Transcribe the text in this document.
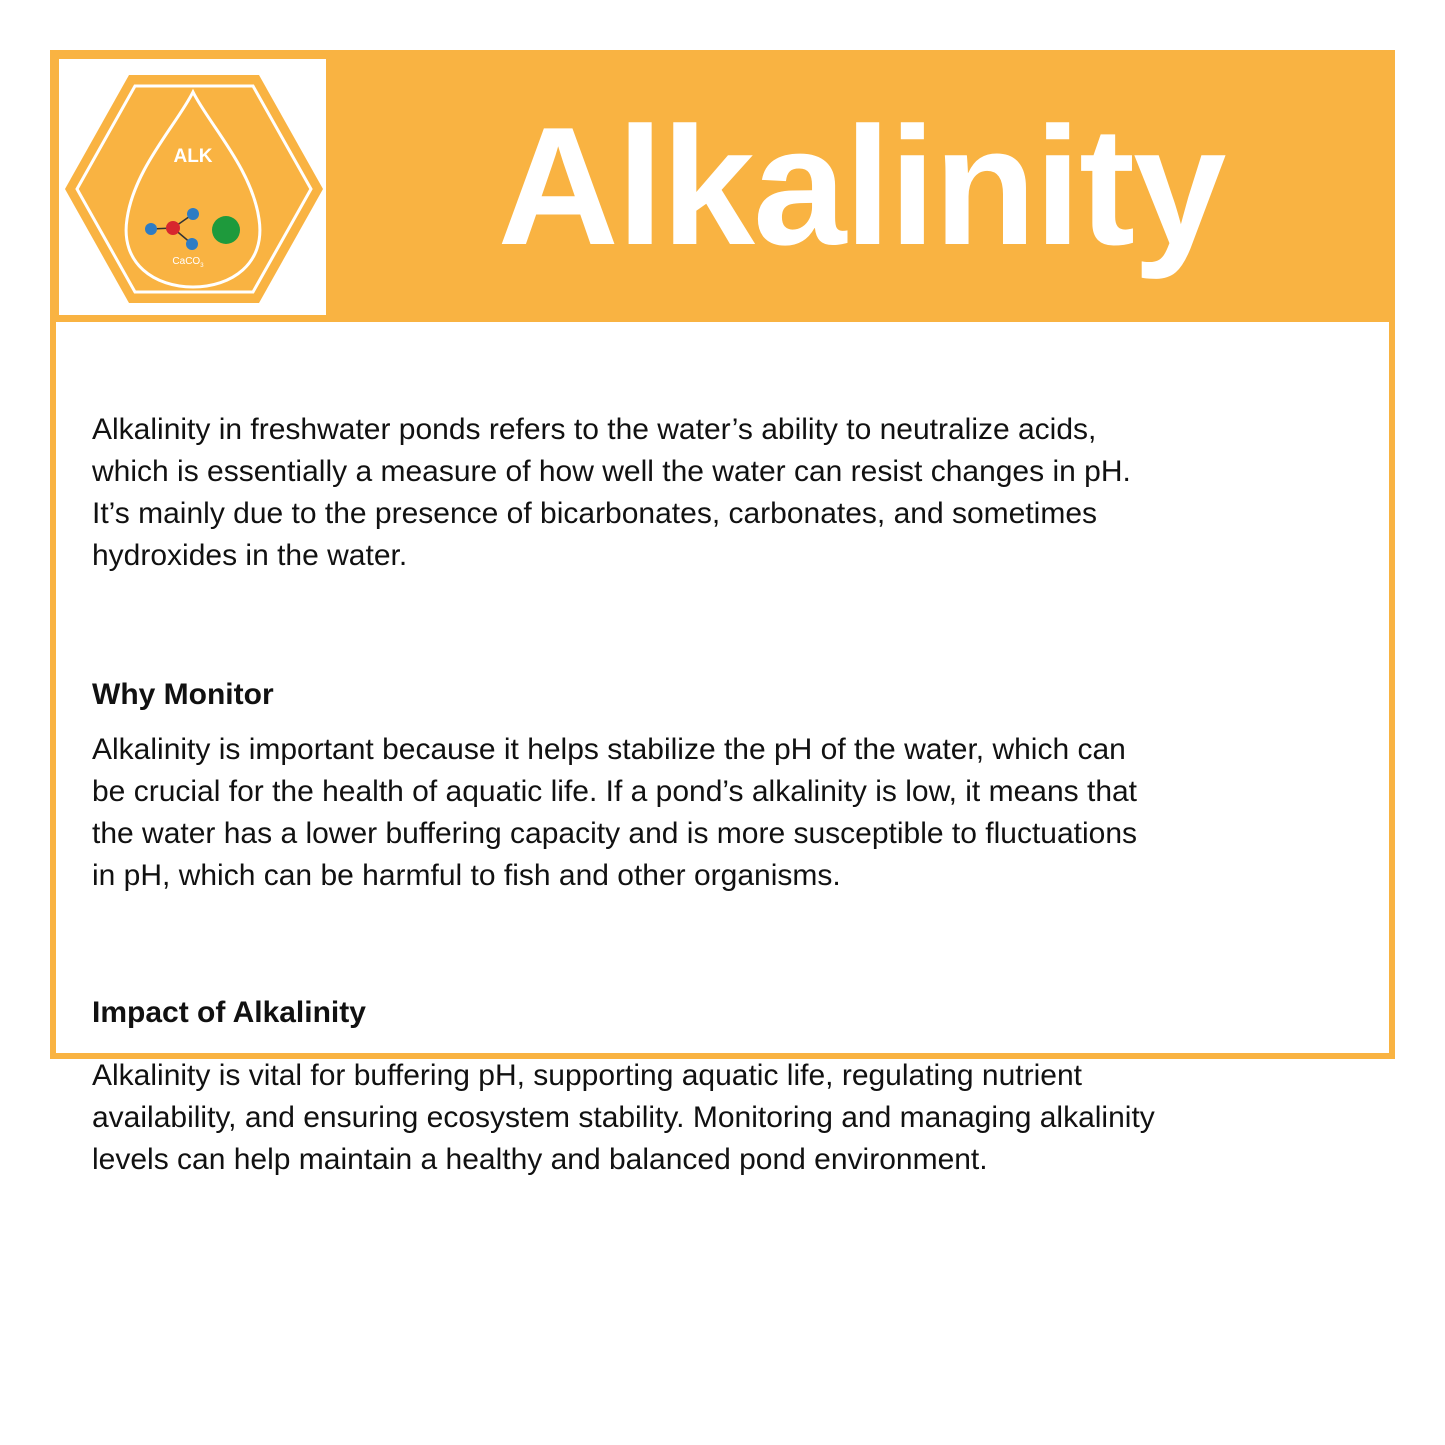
ALK
CaCO$_3$	Alkalinity

Alkalinity in freshwater ponds refers to the water’s ability to neutralize acids,

which is essentially a measure of how well the water can resist changes in pH.

It’s mainly due to the presence of bicarbonates, carbonates, and sometimes

hydroxides in the water.

Why Monitor

Alkalinity is important because it helps stabilize the pH of the water, which can

be crucial for the health of aquatic life. If a pond’s alkalinity is low, it means that

the water has a lower buffering capacity and is more susceptible to fluctuations

in pH, which can be harmful to fish and other organisms.

Impact of Alkalinity

Alkalinity is vital for buffering pH, supporting aquatic life, regulating nutrient

availability, and ensuring ecosystem stability. Monitoring and managing alkalinity

levels can help maintain a healthy and balanced pond environment.
